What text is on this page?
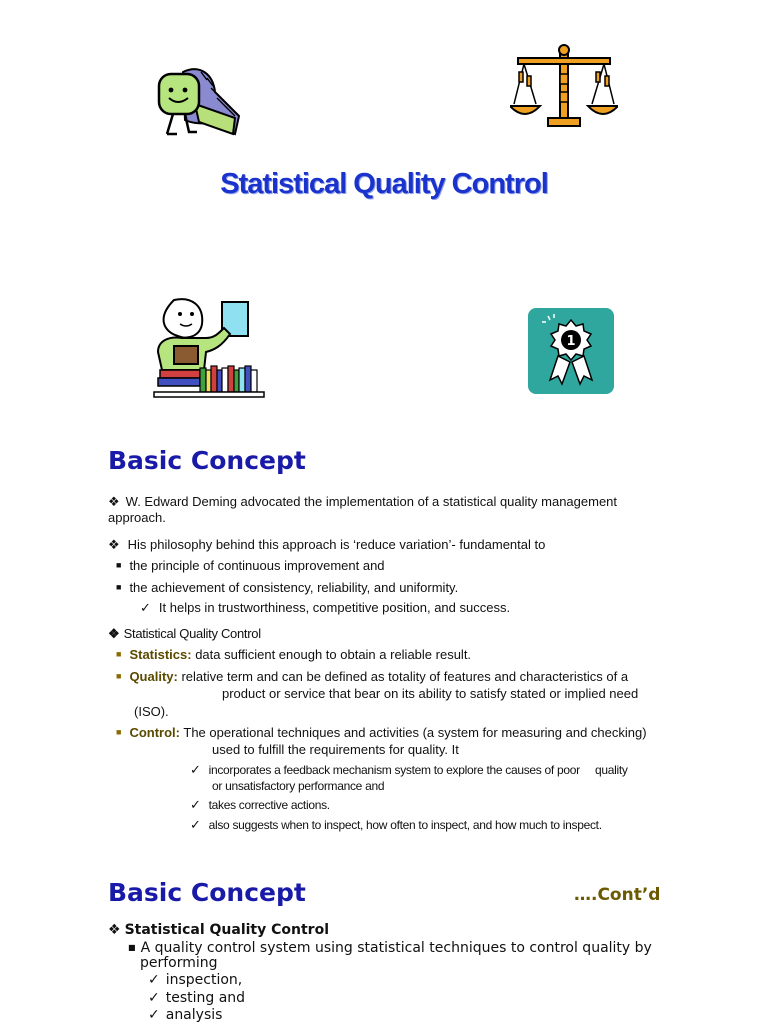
Statistical Quality Control
1
Basic Concept
❖ W. Edward Deming advocated the implementation of a statistical quality management
approach.
❖ His philosophy behind this approach is ‘reduce variation’- fundamental to
■ the principle of continuous improvement and
■ the achievement of consistency, reliability, and uniformity.
✓ It helps in trustworthiness, competitive position, and success.
❖ Statistical Quality Control
■ Statistics: data sufficient enough to obtain a reliable result.
■ Quality: relative term and can be defined as totality of features and characteristics of a
product or service that bear on its ability to satisfy stated or implied need
(ISO).
■ Control: The operational techniques and activities (a system for measuring and checking)
used to fulfill the requirements for quality. It
✓ incorporates a feedback mechanism system to explore the causes of poor     quality
or unsatisfactory performance and
✓ takes corrective actions.
✓ also suggests when to inspect, how often to inspect, and how much to inspect.
Basic Concept	….Cont’d
❖ Statistical Quality Control
■ A quality control system using statistical techniques to control quality by
performing
✓ inspection,
✓ testing and
✓ analysis
